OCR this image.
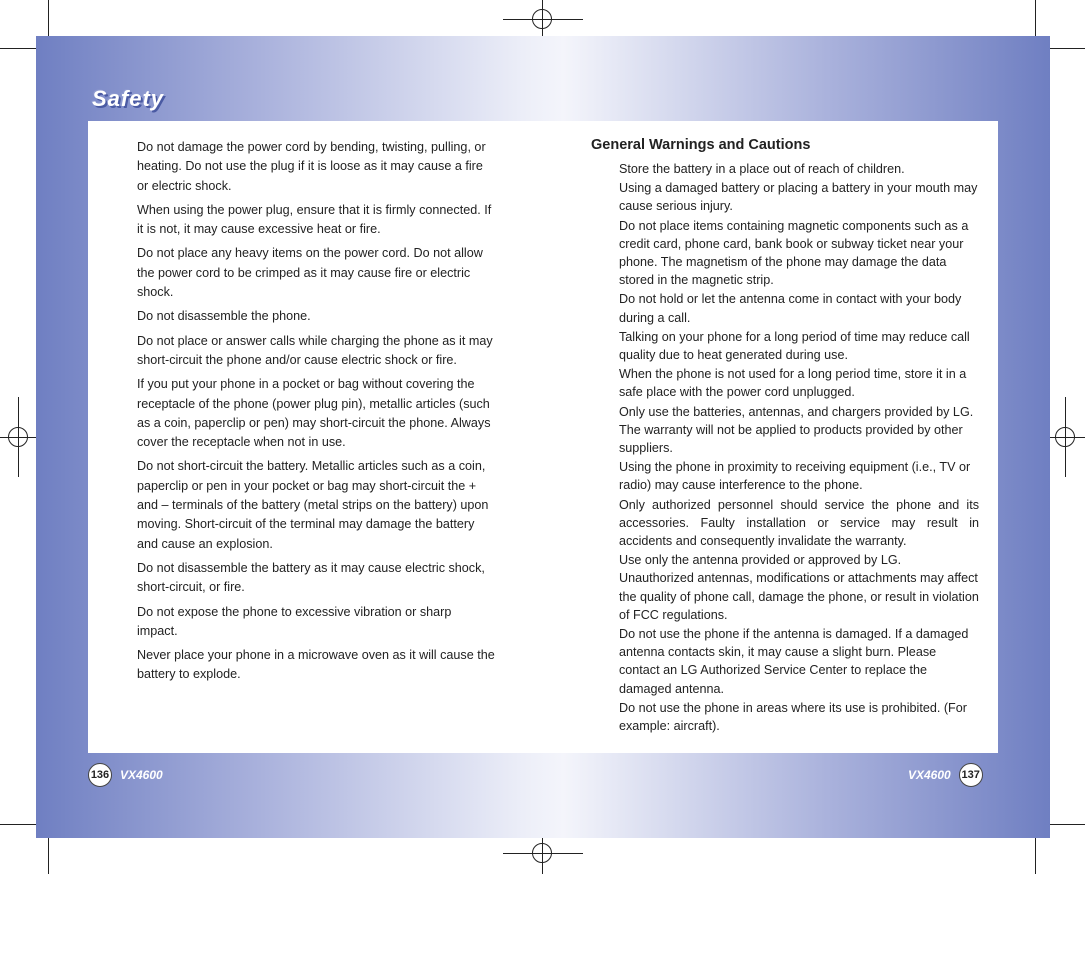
Safety

Do not damage the power cord by bending, twisting, pulling, or heating. Do not use the plug if it is loose as it may cause a fire or electric shock.

When using the power plug, ensure that it is firmly connected. If it is not, it may cause excessive heat or fire.

Do not place any heavy items on the power cord. Do not allow the power cord to be crimped as it may cause fire or electric shock.

Do not disassemble the phone.

Do not place or answer calls while charging the phone as it may short-circuit the phone and/or cause electric shock or fire.

If you put your phone in a pocket or bag without covering the receptacle of the phone (power plug pin), metallic articles (such as a coin, paperclip or pen) may short-circuit the phone. Always cover the receptacle when not in use.

Do not short-circuit the battery. Metallic articles such as a coin, paperclip or pen in your pocket or bag may short-circuit the + and – terminals of the battery (metal strips on the battery) upon moving. Short-circuit of the terminal may damage the battery and cause an explosion.

Do not disassemble the battery as it may cause electric shock, short-circuit, or fire.

Do not expose the phone to excessive vibration or sharp impact.

Never place your phone in a microwave oven as it will cause the battery to explode.

General Warnings and Cautions

Store the battery in a place out of reach of children.

Using a damaged battery or placing a battery in your mouth may cause serious injury.

Do not place items containing magnetic components such as a credit card, phone card, bank book or subway ticket near your phone. The magnetism of the phone may damage the data stored in the magnetic strip.

Do not hold or let the antenna come in contact with your body during a call.

Talking on your phone for a long period of time may reduce call quality due to heat generated during use.

When the phone is not used for a long period time, store it in a safe place with the power cord unplugged.

Only use the batteries, antennas, and chargers provided by LG. The warranty will not be applied to products provided by other suppliers.

Using the phone in proximity to receiving equipment (i.e., TV or radio) may cause interference to the phone.

Only authorized personnel should service the phone and its accessories. Faulty installation or service may result in accidents and consequently invalidate the warranty.

Use only the antenna provided or approved by LG. Unauthorized antennas, modifications or attachments may affect the quality of phone call, damage the phone, or result in violation of FCC regulations.

Do not use the phone if the antenna is damaged. If a damaged antenna contacts skin, it may cause a slight burn. Please contact an LG Authorized Service Center to replace the damaged antenna.

Do not use the phone in areas where its use is prohibited. (For example: aircraft).

136 VX4600	VX4600 137
